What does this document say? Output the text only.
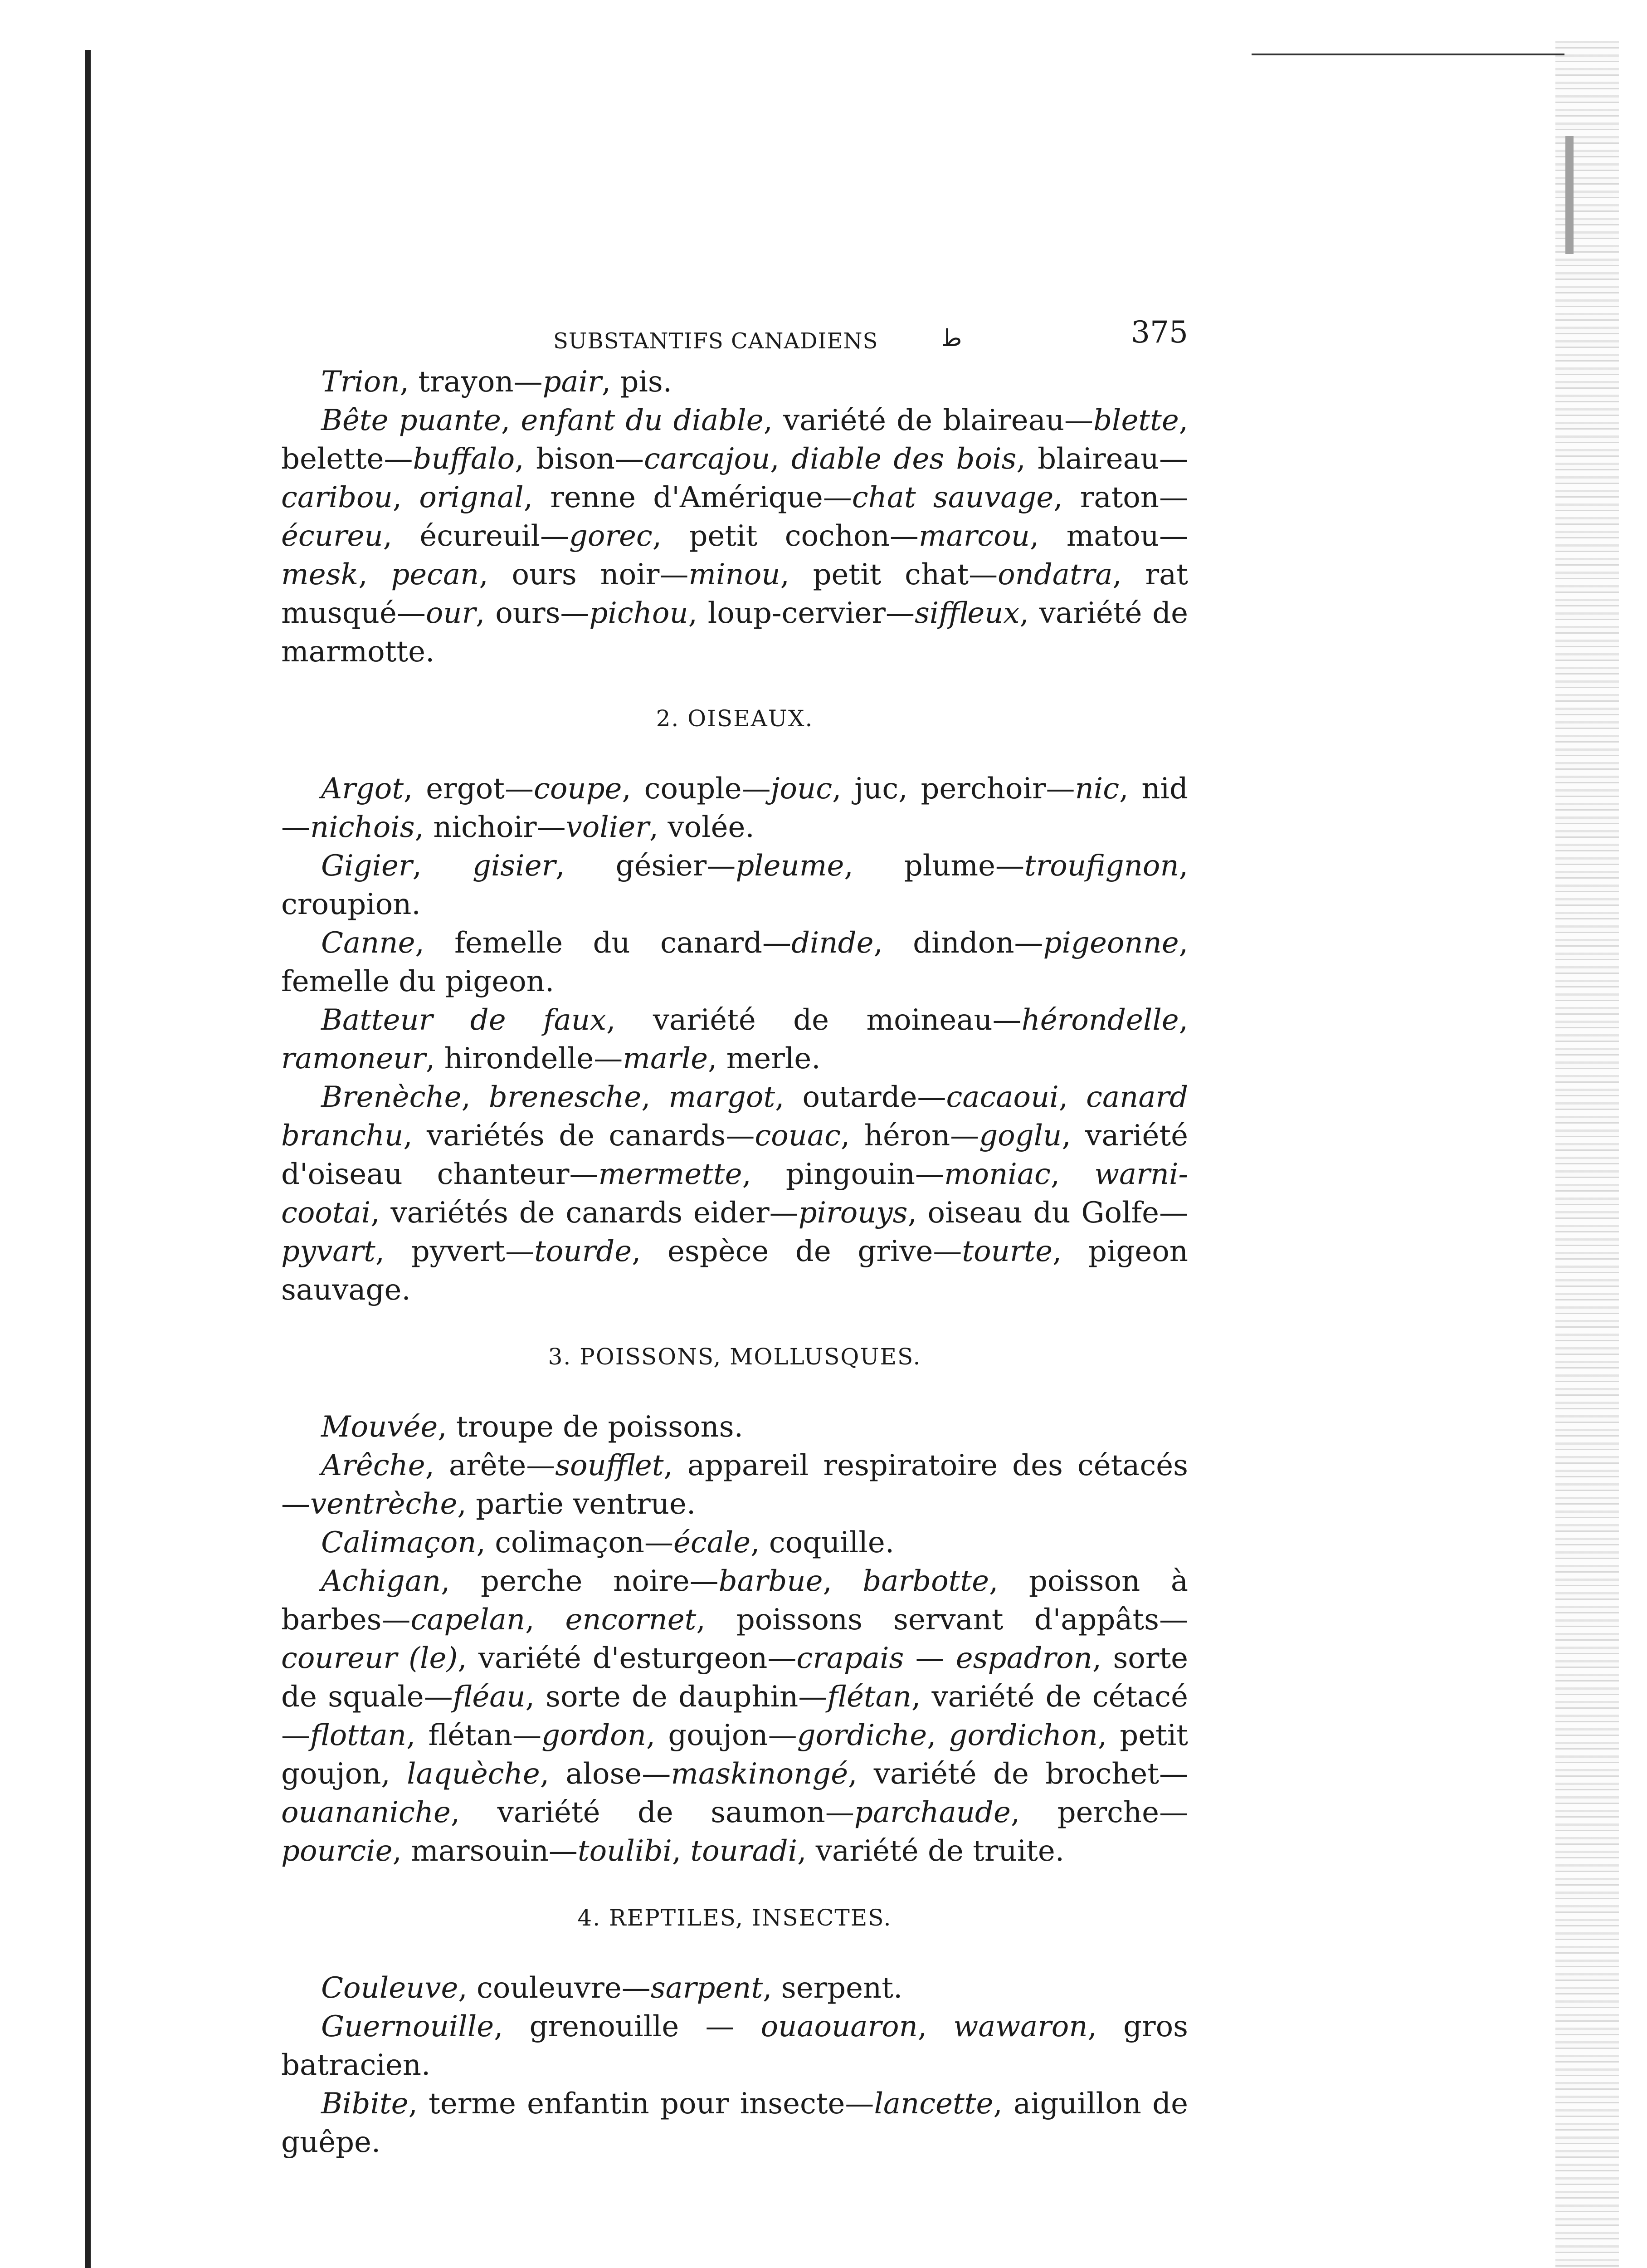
SUBSTANTIFS CANADIENS	ﻃ	375

Trion, trayon—pair, pis.

Bête puante, enfant du diable, variété de blaireau—blette, belette—buffalo, bison—carcajou, diable des bois, blaireau—caribou, orignal, renne d'Amérique—chat sauvage, raton—écureu, écureuil—gorec, petit cochon—marcou, matou—mesk, pecan, ours noir—minou, petit chat—ondatra, rat musqué—our, ours—pichou, loup-cervier—siffleux, variété de marmotte.

2. OISEAUX.

Argot, ergot—coupe, couple—jouc, juc, perchoir—nic, nid—nichois, nichoir—volier, volée.

Gigier, gisier, gésier—pleume, plume—troufignon, croupion.

Canne, femelle du canard—dinde, dindon—pigeonne, femelle du pigeon.

Batteur de faux, variété de moineau—hérondelle, ramoneur, hirondelle—marle, merle.

Brenèche, brenesche, margot, outarde—cacaoui, canard branchu, variétés de canards—couac, héron—goglu, variété d'oiseau chanteur—mermette, pingouin—moniac, warni-cootai, variétés de canards eider—pirouys, oiseau du Golfe—pyvart, pyvert—tourde, espèce de grive—tourte, pigeon sauvage.

3. POISSONS, MOLLUSQUES.

Mouvée, troupe de poissons.

Arêche, arête—soufflet, appareil respiratoire des cétacés—ventrèche, partie ventrue.

Calimaçon, colimaçon—écale, coquille.

Achigan, perche noire—barbue, barbotte, poisson à barbes—capelan, encornet, poissons servant d'appâts—coureur (le), variété d'esturgeon—crapais — espadron, sorte de squale—fléau, sorte de dauphin—flétan, variété de cétacé—flottan, flétan—gordon, goujon—gordiche, gordichon, petit goujon, laquèche, alose—maskinongé, variété de brochet—ouananiche, variété de saumon—parchaude, perche—pourcie, marsouin—toulibi, touradi, variété de truite.

4. REPTILES, INSECTES.

Couleuve, couleuvre—sarpent, serpent.

Guernouille, grenouille — ouaouaron, wawaron, gros batracien.

Bibite, terme enfantin pour insecte—lancette, aiguillon de guêpe.
